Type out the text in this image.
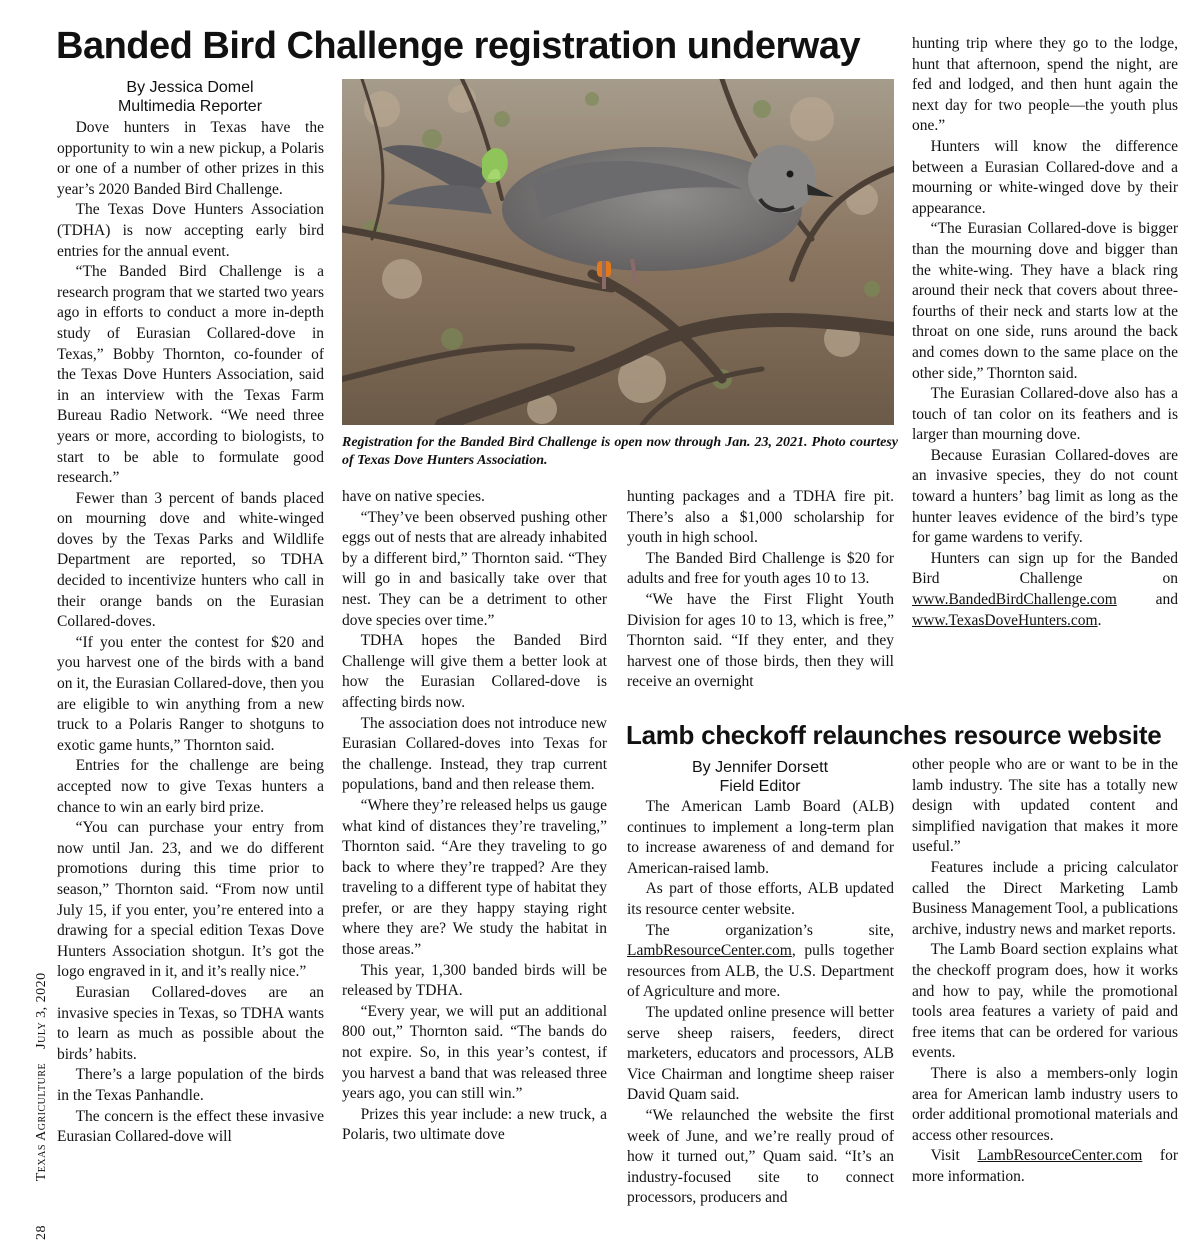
28 Texas Agriculture July 3, 2020
Banded Bird Challenge registration underway
By Jessica Domel
Multimedia Reporter

Dove hunters in Texas have the opportunity to win a new pickup, a Polaris or one of a number of other prizes in this year’s 2020 Banded Bird Challenge.

The Texas Dove Hunters Association (TDHA) is now accepting early bird entries for the annual event.

“The Banded Bird Challenge is a research program that we started two years ago in efforts to conduct a more in-depth study of Eurasian Collared-dove in Texas,” Bobby Thornton, co-founder of the Texas Dove Hunters Association, said in an interview with the Texas Farm Bureau Radio Network. “We need three years or more, according to biologists, to start to be able to formulate good research.”

Fewer than 3 percent of bands placed on mourning dove and white-winged doves by the Texas Parks and Wildlife Department are reported, so TDHA decided to incentivize hunters who call in their orange bands on the Eurasian Collared-doves.

“If you enter the contest for $20 and you harvest one of the birds with a band on it, the Eurasian Collared-dove, then you are eligible to win anything from a new truck to a Polaris Ranger to shotguns to exotic game hunts,” Thornton said.

Entries for the challenge are being accepted now to give Texas hunters a chance to win an early bird prize.

“You can purchase your entry from now until Jan. 23, and we do different promotions during this time prior to season,” Thornton said. “From now until July 15, if you enter, you’re entered into a drawing for a special edition Texas Dove Hunters Association shotgun. It’s got the logo engraved in it, and it’s really nice.”

Eurasian Collared-doves are an invasive species in Texas, so TDHA wants to learn as much as possible about the birds’ habits.

There’s a large population of the birds in the Texas Panhandle.

The concern is the effect these invasive Eurasian Collared-dove will

Registration for the Banded Bird Challenge is open now through Jan. 23, 2021. Photo courtesy of Texas Dove Hunters Association.

have on native species.

“They’ve been observed pushing other eggs out of nests that are already inhabited by a different bird,” Thornton said. “They will go in and basically take over that nest. They can be a detriment to other dove species over time.”

TDHA hopes the Banded Bird Challenge will give them a better look at how the Eurasian Collared-dove is affecting birds now.

The association does not introduce new Eurasian Collared-doves into Texas for the challenge. Instead, they trap current populations, band and then release them.

“Where they’re released helps us gauge what kind of distances they’re traveling,” Thornton said. “Are they traveling to go back to where they’re trapped? Are they traveling to a different type of habitat they prefer, or are they happy staying right where they are? We study the habitat in those areas.”

This year, 1,300 banded birds will be released by TDHA.

“Every year, we will put an additional 800 out,” Thornton said. “The bands do not expire. So, in this year’s contest, if you harvest a band that was released three years ago, you can still win.”

Prizes this year include: a new truck, a Polaris, two ultimate dove

hunting packages and a TDHA fire pit. There’s also a $1,000 scholarship for youth in high school.

The Banded Bird Challenge is $20 for adults and free for youth ages 10 to 13.

“We have the First Flight Youth Division for ages 10 to 13, which is free,” Thornton said. “If they enter, and they harvest one of those birds, then they will receive an overnight

hunting trip where they go to the lodge, hunt that afternoon, spend the night, are fed and lodged, and then hunt again the next day for two people—the youth plus one.”

Hunters will know the difference between a Eurasian Collared-dove and a mourning or white-winged dove by their appearance.

“The Eurasian Collared-dove is bigger than the mourning dove and bigger than the white-wing. They have a black ring around their neck that covers about three-fourths of their neck and starts low at the throat on one side, runs around the back and comes down to the same place on the other side,” Thornton said.

The Eurasian Collared-dove also has a touch of tan color on its feathers and is larger than mourning dove.

Because Eurasian Collared-doves are an invasive species, they do not count toward a hunters’ bag limit as long as the hunter leaves evidence of the bird’s type for game wardens to verify.

Hunters can sign up for the Banded Bird Challenge on www.BandedBirdChallenge.com and www.TexasDoveHunters.com.

Lamb checkoff relaunches resource website
By Jennifer Dorsett
Field Editor

The American Lamb Board (ALB) continues to implement a long-term plan to increase awareness of and demand for American-raised lamb.

As part of those efforts, ALB updated its resource center website.

The organization’s site, LambResourceCenter.com, pulls together resources from ALB, the U.S. Department of Agriculture and more.

The updated online presence will better serve sheep raisers, feeders, direct marketers, educators and processors, ALB Vice Chairman and longtime sheep raiser David Quam said.

“We relaunched the website the first week of June, and we’re really proud of how it turned out,” Quam said. “It’s an industry-focused site to connect processors, producers and

other people who are or want to be in the lamb industry. The site has a totally new design with updated content and simplified navigation that makes it more useful.”

Features include a pricing calculator called the Direct Marketing Lamb Business Management Tool, a publications archive, industry news and market reports.

The Lamb Board section explains what the checkoff program does, how it works and how to pay, while the promotional tools area features a variety of paid and free items that can be ordered for various events.

There is also a members-only login area for American lamb industry users to order additional promotional materials and access other resources.

Visit LambResourceCenter.com for more information.
